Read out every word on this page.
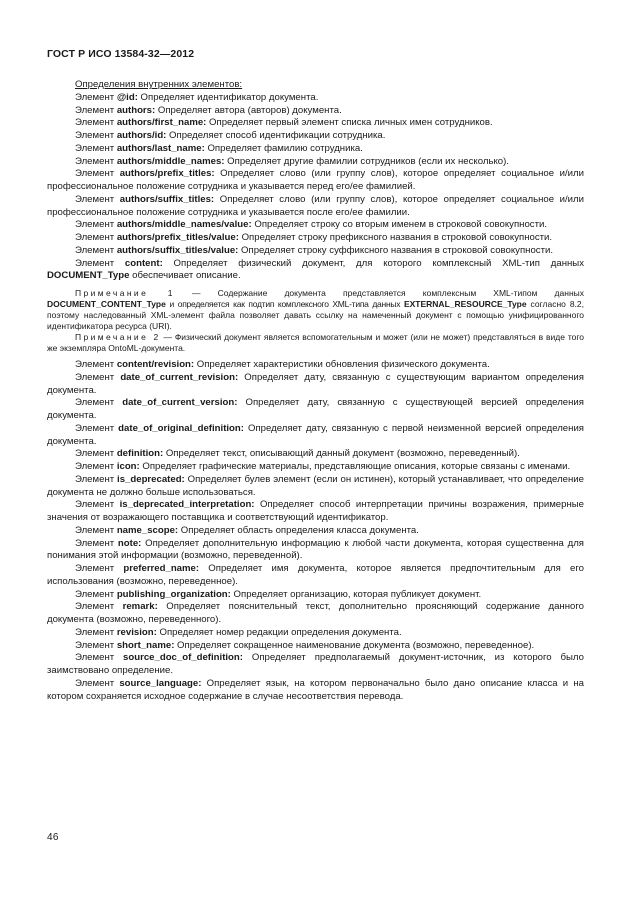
ГОСТ Р ИСО 13584-32—2012

Определения внутренних элементов:

Элемент @id: Определяет идентификатор документа.

Элемент authors: Определяет автора (авторов) документа.

Элемент authors/first_name: Определяет первый элемент списка личных имен сотрудников.

Элемент authors/id: Определяет способ идентификации сотрудника.

Элемент authors/last_name: Определяет фамилию сотрудника.

Элемент authors/middle_names: Определяет другие фамилии сотрудников (если их несколько).

Элемент authors/prefix_titles: Определяет слово (или группу слов), которое определяет социальное и/или профессиональное положение сотрудника и указывается перед его/ее фамилией.

Элемент authors/suffix_titles: Определяет слово (или группу слов), которое определяет социальное и/или профессиональное положение сотрудника и указывается после его/ее фамилии.

Элемент authors/middle_names/value: Определяет строку со вторым именем в строковой совокупности.

Элемент authors/prefix_titles/value: Определяет строку префиксного названия в строковой совокупности.

Элемент authors/suffix_titles/value: Определяет строку суффиксного названия в строковой совокупности.

Элемент content: Определяет физический документ, для которого комплексный XML-тип данных DOCUMENT_Type обеспечивает описание.

Примечание 1 — Содержание документа представляется комплексным XML-типом данных DOCUMENT_CONTENT_Type и определяется как подтип комплексного XML-типа данных EXTERNAL_RESOURCE_Type согласно 8.2, поэтому наследованный XML-элемент файла позволяет давать ссылку на намеченный документ с помощью унифицированного идентификатора ресурса (URI).

Примечание 2 — Физический документ является вспомогательным и может (или не может) представляться в виде того же экземпляра OntoML-документа.

Элемент content/revision: Определяет характеристики обновления физического документа.

Элемент date_of_current_revision: Определяет дату, связанную с существующим вариантом определения документа.

Элемент date_of_current_version: Определяет дату, связанную с существующей версией определения документа.

Элемент date_of_original_definition: Определяет дату, связанную с первой неизменной версией определения документа.

Элемент definition: Определяет текст, описывающий данный документ (возможно, переведенный).

Элемент icon: Определяет графические материалы, представляющие описания, которые связаны с именами.

Элемент is_deprecated: Определяет булев элемент (если он истинен), который устанавливает, что определение документа не должно больше использоваться.

Элемент is_deprecated_interpretation: Определяет способ интерпретации причины возражения, примерные значения от возражающего поставщика и соответствующий идентификатор.

Элемент name_scope: Определяет область определения класса документа.

Элемент note: Определяет дополнительную информацию к любой части документа, которая существенна для понимания этой информации (возможно, переведенной).

Элемент preferred_name: Определяет имя документа, которое является предпочтительным для его использования (возможно, переведенное).

Элемент publishing_organization: Определяет организацию, которая публикует документ.

Элемент remark: Определяет пояснительный текст, дополнительно проясняющий содержание данного документа (возможно, переведенного).

Элемент revision: Определяет номер редакции определения документа.

Элемент short_name: Определяет сокращенное наименование документа (возможно, переведенное).

Элемент source_doc_of_definition: Определяет предполагаемый документ-источник, из которого было заимствовано определение.

Элемент source_language: Определяет язык, на котором первоначально было дано описание класса и на котором сохраняется исходное содержание в случае несоответствия перевода.

46
